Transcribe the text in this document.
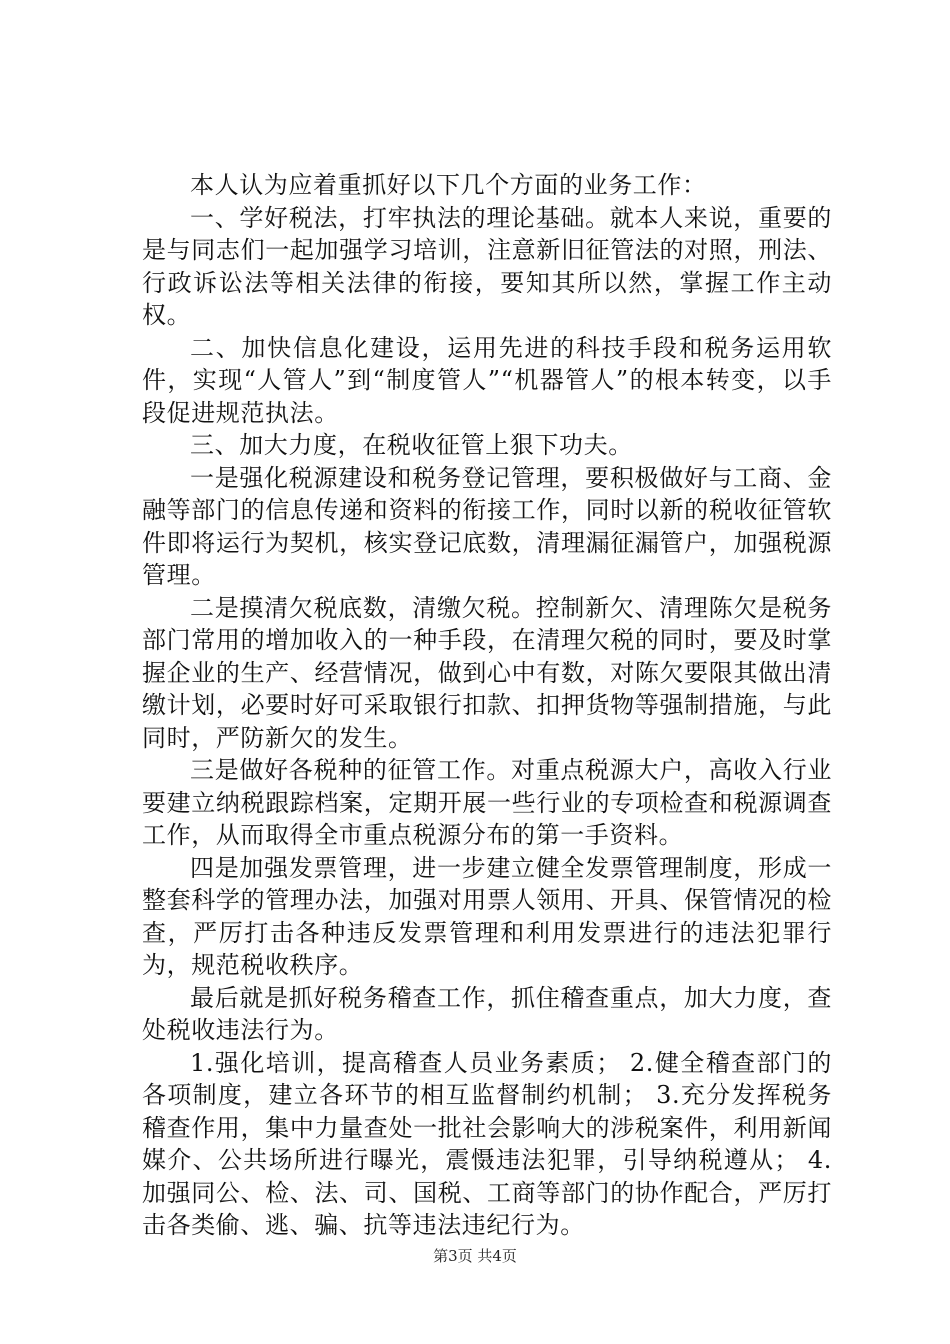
本人认为应着重抓好以下几个方面的业务工作：

一、学好税法，打牢执法的理论基础。就本人来说，重要的是与同志们一起加强学习培训，注意新旧征管法的对照，刑法、行政诉讼法等相关法律的衔接，要知其所以然，掌握工作主动权。

二、加快信息化建设，运用先进的科技手段和税务运用软件，实现“人管人”到“制度管人”“机器管人”的根本转变，以手段促进规范执法。

三、加大力度，在税收征管上狠下功夫。

一是强化税源建设和税务登记管理，要积极做好与工商、金融等部门的信息传递和资料的衔接工作，同时以新的税收征管软件即将运行为契机，核实登记底数，清理漏征漏管户，加强税源管理。

二是摸清欠税底数，清缴欠税。控制新欠、清理陈欠是税务部门常用的增加收入的一种手段，在清理欠税的同时，要及时掌握企业的生产、经营情况，做到心中有数，对陈欠要限其做出清缴计划，必要时好可采取银行扣款、扣押货物等强制措施，与此同时，严防新欠的发生。

三是做好各税种的征管工作。对重点税源大户，高收入行业要建立纳税跟踪档案，定期开展一些行业的专项检查和税源调查工作，从而取得全市重点税源分布的第一手资料。

四是加强发票管理，进一步建立健全发票管理制度，形成一整套科学的管理办法，加强对用票人领用、开具、保管情况的检查，严厉打击各种违反发票管理和利用发票进行的违法犯罪行为，规范税收秩序。

最后就是抓好税务稽查工作，抓住稽查重点，加大力度，查处税收违法行为。

1.强化培训，提高稽查人员业务素质； 2.健全稽查部门的各项制度，建立各环节的相互监督制约机制； 3.充分发挥税务稽查作用，集中力量查处一批社会影响大的涉税案件，利用新闻媒介、公共场所进行曝光，震慑违法犯罪，引导纳税遵从； 4.加强同公、检、法、司、国税、工商等部门的协作配合，严厉打击各类偷、逃、骗、抗等违法违纪行为。

第3页 共4页
